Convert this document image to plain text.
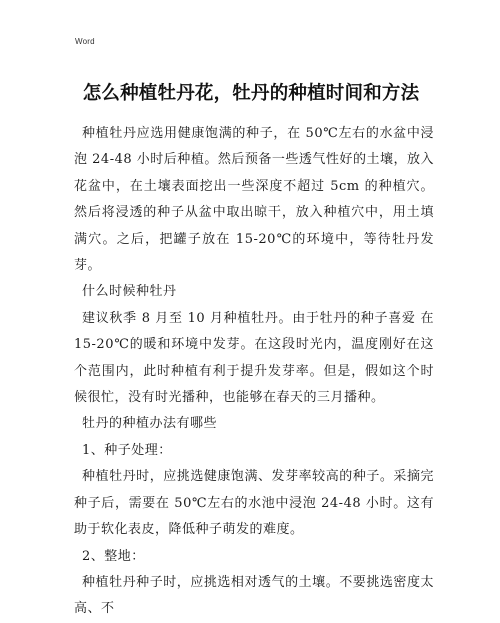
Word
怎么种植牡丹花，牡丹的种植时间和方法

种植牡丹应选用健康饱满的种子，在 50℃左右的水盆中浸泡 24-48 小时后种植。然后预备一些透气性好的土壤，放入花盆中，在土壤表面挖出一些深度不超过 5cm 的种植穴。然后将浸透的种子从盆中取出晾干，放入种植穴中，用土填满穴。之后，把罐子放在 15-20℃的环境中，等待牡丹发芽。

什么时候种牡丹

建议秋季 8 月至 10 月种植牡丹。由于牡丹的种子喜爱 在 15-20℃的暖和环境中发芽。在这段时光内，温度刚好在这个范围内，此时种植有利于提升发芽率。但是，假如这个时候很忙，没有时光播种，也能够在春天的三月播种。

牡丹的种植办法有哪些

1、种子处理：

种植牡丹时，应挑选健康饱满、发芽率较高的种子。采摘完种子后，需要在 50℃左右的水池中浸泡 24-48 小时。这有助于软化表皮，降低种子萌发的难度。

2、整地：

种植牡丹种子时，应挑选相对透气的土壤。不要挑选密度太高、不
